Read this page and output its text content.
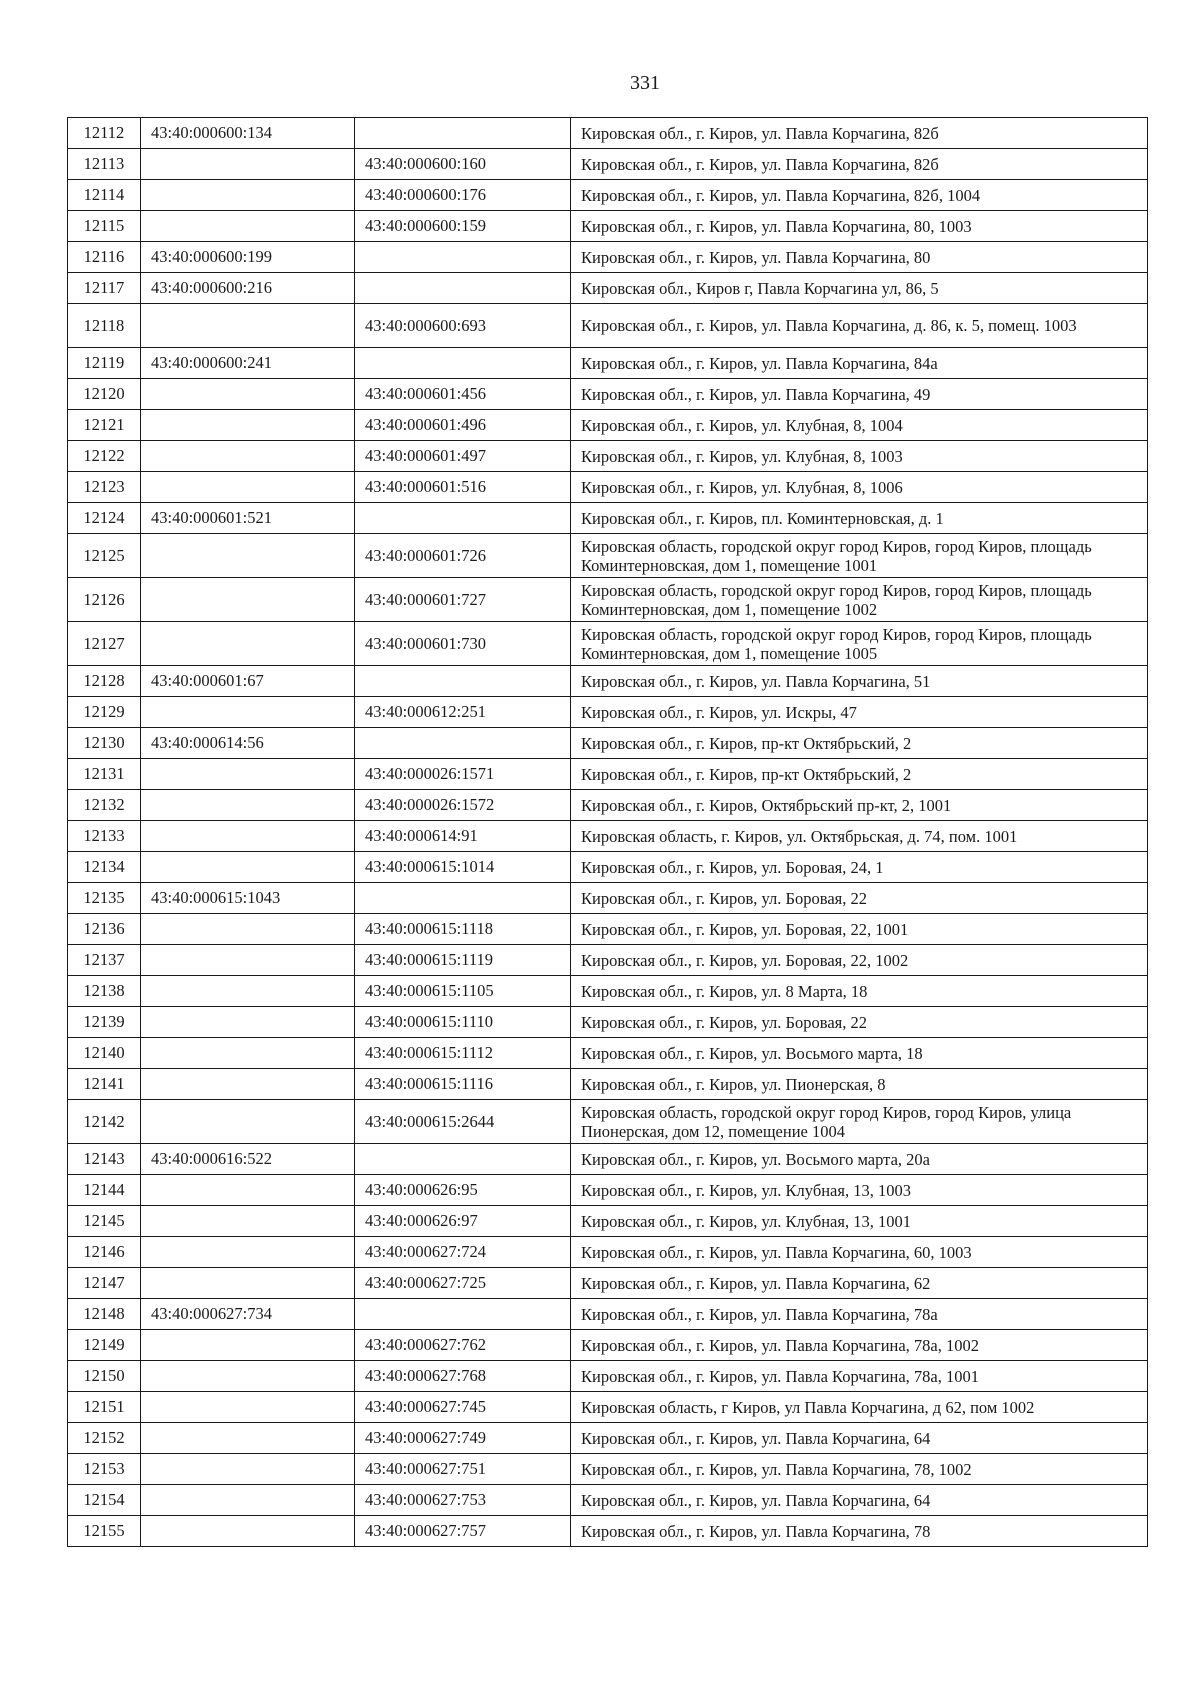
331
12112	43:40:000600:134		Кировская обл., г. Киров, ул. Павла Корчагина, 82б
12113		43:40:000600:160	Кировская обл., г. Киров, ул. Павла Корчагина, 82б
12114		43:40:000600:176	Кировская обл., г. Киров, ул. Павла Корчагина, 82б, 1004
12115		43:40:000600:159	Кировская обл., г. Киров, ул. Павла Корчагина, 80, 1003
12116	43:40:000600:199		Кировская обл., г. Киров, ул. Павла Корчагина, 80
12117	43:40:000600:216		Кировская обл., Киров г, Павла Корчагина ул, 86, 5
12118		43:40:000600:693	Кировская обл., г. Киров, ул. Павла Корчагина, д. 86, к. 5, помещ. 1003
12119	43:40:000600:241		Кировская обл., г. Киров, ул. Павла Корчагина, 84а
12120		43:40:000601:456	Кировская обл., г. Киров, ул. Павла Корчагина, 49
12121		43:40:000601:496	Кировская обл., г. Киров, ул. Клубная, 8, 1004
12122		43:40:000601:497	Кировская обл., г. Киров, ул. Клубная, 8, 1003
12123		43:40:000601:516	Кировская обл., г. Киров, ул. Клубная, 8, 1006
12124	43:40:000601:521		Кировская обл., г. Киров, пл. Коминтерновская, д. 1
12125		43:40:000601:726	Кировская область, городской округ город Киров, город Киров, площадь Коминтерновская, дом 1, помещение 1001
12126		43:40:000601:727	Кировская область, городской округ город Киров, город Киров, площадь Коминтерновская, дом 1, помещение 1002
12127		43:40:000601:730	Кировская область, городской округ город Киров, город Киров, площадь Коминтерновская, дом 1, помещение 1005
12128	43:40:000601:67		Кировская обл., г. Киров, ул. Павла Корчагина, 51
12129		43:40:000612:251	Кировская обл., г. Киров, ул. Искры, 47
12130	43:40:000614:56		Кировская обл., г. Киров, пр-кт Октябрьский, 2
12131		43:40:000026:1571	Кировская обл., г. Киров, пр-кт Октябрьский, 2
12132		43:40:000026:1572	Кировская обл., г. Киров, Октябрьский пр-кт, 2, 1001
12133		43:40:000614:91	Кировская область, г. Киров, ул. Октябрьская, д. 74, пом. 1001
12134		43:40:000615:1014	Кировская обл., г. Киров, ул. Боровая, 24, 1
12135	43:40:000615:1043		Кировская обл., г. Киров, ул. Боровая, 22
12136		43:40:000615:1118	Кировская обл., г. Киров, ул. Боровая, 22, 1001
12137		43:40:000615:1119	Кировская обл., г. Киров, ул. Боровая, 22, 1002
12138		43:40:000615:1105	Кировская обл., г. Киров, ул. 8 Марта, 18
12139		43:40:000615:1110	Кировская обл., г. Киров, ул. Боровая, 22
12140		43:40:000615:1112	Кировская обл., г. Киров, ул. Восьмого марта, 18
12141		43:40:000615:1116	Кировская обл., г. Киров, ул. Пионерская, 8
12142		43:40:000615:2644	Кировская область, городской округ город Киров, город Киров, улица Пионерская, дом 12, помещение 1004
12143	43:40:000616:522		Кировская обл., г. Киров, ул. Восьмого марта, 20а
12144		43:40:000626:95	Кировская обл., г. Киров, ул. Клубная, 13, 1003
12145		43:40:000626:97	Кировская обл., г. Киров, ул. Клубная, 13, 1001
12146		43:40:000627:724	Кировская обл., г. Киров, ул. Павла Корчагина, 60, 1003
12147		43:40:000627:725	Кировская обл., г. Киров, ул. Павла Корчагина, 62
12148	43:40:000627:734		Кировская обл., г. Киров, ул. Павла Корчагина, 78а
12149		43:40:000627:762	Кировская обл., г. Киров, ул. Павла Корчагина, 78а, 1002
12150		43:40:000627:768	Кировская обл., г. Киров, ул. Павла Корчагина, 78а, 1001
12151		43:40:000627:745	Кировская область, г Киров, ул Павла Корчагина, д 62, пом 1002
12152		43:40:000627:749	Кировская обл., г. Киров, ул. Павла Корчагина, 64
12153		43:40:000627:751	Кировская обл., г. Киров, ул. Павла Корчагина, 78, 1002
12154		43:40:000627:753	Кировская обл., г. Киров, ул. Павла Корчагина, 64
12155		43:40:000627:757	Кировская обл., г. Киров, ул. Павла Корчагина, 78
